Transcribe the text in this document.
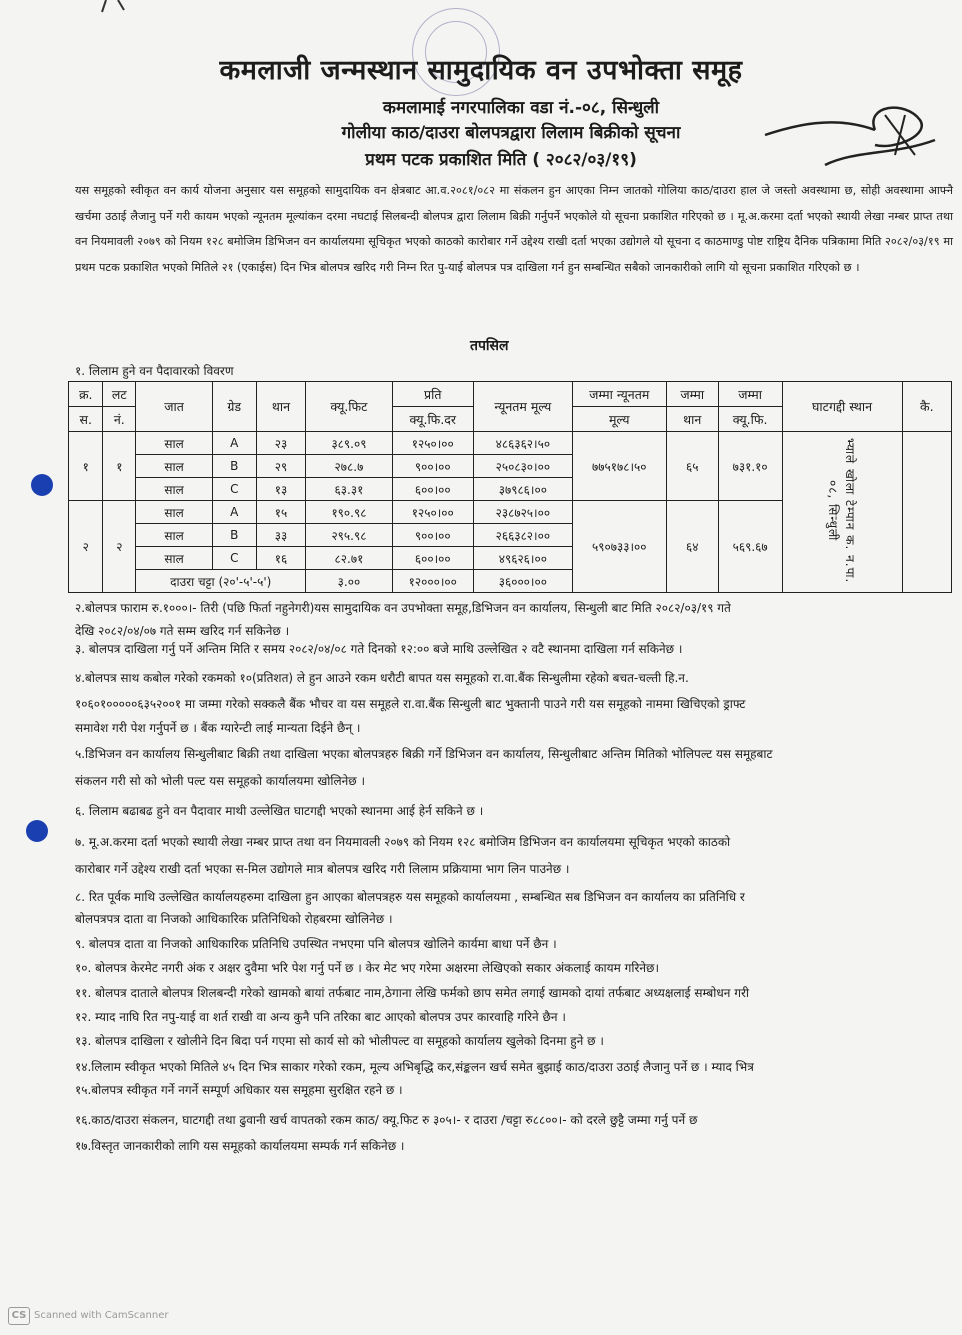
कमलाजी जन्मस्थान सामुदायिक वन उपभोक्ता समूह
कमलामाई नगरपालिका वडा नं.-०८, सिन्धुली
गोलीया काठ/दाउरा बोलपत्रद्वारा लिलाम बिक्रीको सूचना
प्रथम पटक प्रकाशित मिति ( २०८२/०३/१९)
यस समूहको स्वीकृत वन कार्य योजना अनुसार यस समूहको सामुदायिक वन क्षेत्रबाट आ.व.२०८१/०८२ मा संकलन हुन आएका निम्न जातको गोलिया काठ/दाउरा हाल जे जस्तो अवस्थामा छ, सोही अवस्थामा आफ्नै खर्चमा उठाई लैजानु पर्ने गरी कायम भएको न्यूनतम मूल्यांकन दरमा नघटाई सिलबन्दी बोलपत्र द्वारा लिलाम बिक्री गर्नुपर्ने भएकोले यो सूचना प्रकाशित गरिएको छ । मू.अ.करमा दर्ता भएको स्थायी लेखा नम्बर प्राप्त तथा वन नियमावली २०७९ को नियम १२८ बमोजिम डिभिजन वन कार्यालयमा सूचिकृत भएको काठको कारोबार गर्ने उद्देश्य राखी दर्ता भएका उद्योगले यो सूचना द काठमाण्डु पोष्ट राष्ट्रिय दैनिक पत्रिकामा मिति २०८२/०३/१९ मा प्रथम पटक प्रकाशित भएको मितिले २१ (एकाईस) दिन भित्र बोलपत्र खरिद गरी निम्न रित पु-याई बोलपत्र पत्र दाखिला गर्न हुन सम्बन्धित सबैको जानकारीको लागि यो सूचना प्रकाशित गरिएको छ ।
तपसिल
१. लिलाम हुने वन पैदावारको विवरण
क्र.	लट	जात	ग्रेड	थान	क्यू.फिट	प्रति	न्यूनतम मूल्य	जम्मा न्यूनतम	जम्मा	जम्मा	घाटगद्दी स्थान	कै.
स.	नं.					क्यू.फि.दर		मूल्य	थान	क्यू.फि.		
१	१	साल	A	२३	३८९.०९	१२५०।००	४८६३६२।५०	७७५१७८।५०	६५	७३१.१०	भ्याले खोला टेम्पान क. न.पा. ०८, सिन्धुली	
		साल	B	२९	२७८.७	९००।००	२५०८३०।००					
		साल	C	१३	६३.३१	६००।००	३७९८६।००					
२	२	साल	A	१५	१९०.९८	१२५०।००	२३८७२५।००	५९०७३३।००	६४	५६९.६७		
		साल	B	३३	२९५.९८	९००।००	२६६३८२।००					
		साल	C	१६	८२.७१	६००।००	४९६२६।००					
		दाउरा चट्टा (२०'-५'-५')			३.००	१२०००।००	३६०००।००					
२.बोलपत्र फाराम रु.१०००।- तिरी (पछि फिर्ता नहुनेगरी)यस सामुदायिक वन उपभोक्ता समूह,डिभिजन वन कार्यालय, सिन्धुली बाट मिति २०८२/०३/१९ गते
देखि २०८२/०४/०७ गते सम्म खरिद गर्न सकिनेछ ।
३. बोलपत्र दाखिला गर्नु पर्ने अन्तिम मिति र समय २०८२/०४/०८ गते दिनको १२:०० बजे माथि उल्लेखित २ वटै स्थानमा दाखिला गर्न सकिनेछ ।
४.बोलपत्र साथ कबोल गरेको रकमको १०(प्रतिशत) ले हुन आउने रकम धरौटी बापत यस समूहको रा.वा.बैंक सिन्धुलीमा रहेको बचत-चल्ती हि.न.
१०६०१०००००६३५२००१ मा जम्मा गरेको सक्कलै बैंक भौचर वा यस समूहले रा.वा.बैंक सिन्धुली बाट भुक्तानी पाउने गरी यस समूहको नाममा खिचिएको ड्राफ्ट
समावेश गरी पेश गर्नुपर्ने छ । बैंक ग्यारेन्टी लाई मान्यता दिईने छैन् ।
५.डिभिजन वन कार्यालय सिन्धुलीबाट बिक्री तथा दाखिला भएका बोलपत्रहरु बिक्री गर्ने डिभिजन वन कार्यालय, सिन्धुलीबाट अन्तिम मितिको भोलिपल्ट यस समूहबाट
संकलन गरी सो को भोली पल्ट यस समूहको कार्यालयमा खोलिनेछ ।
६. लिलाम बढाबढ हुने वन पैदावार माथी उल्लेखित घाटगद्दी भएको स्थानमा आई हेर्न सकिने छ ।
७. मू.अ.करमा दर्ता भएको स्थायी लेखा नम्बर प्राप्त तथा वन नियमावली २०७९ को नियम १२८ बमोजिम डिभिजन वन कार्यालयमा सूचिकृत भएको काठको
कारोबार गर्ने उद्देश्य राखी दर्ता भएका स-मिल उद्योगले मात्र बोलपत्र खरिद गरी लिलाम प्रक्रियामा भाग लिन पाउनेछ ।
८. रित पूर्वक माथि उल्लेखित कार्यालयहरुमा दाखिला हुन आएका बोलपत्रहरु यस समूहको कार्यालयमा , सम्बन्धित सब डिभिजन वन कार्यालय का प्रतिनिधि र
बोलपत्रपत्र दाता वा निजको आधिकारिक प्रतिनिधिको रोहबरमा खोलिनेछ ।
९. बोलपत्र दाता वा निजको आधिकारिक प्रतिनिधि उपस्थित नभएमा पनि बोलपत्र खोलिने कार्यमा बाधा पर्ने छैन ।
१०. बोलपत्र केरमेट नगरी अंक र अक्षर दुवैमा भरि पेश गर्नु पर्ने छ । केर मेट भए गरेमा अक्षरमा लेखिएको सकार अंकलाई कायम गरिनेछ।
११. बोलपत्र दाताले बोलपत्र शिलबन्दी गरेको खामको बायां तर्फबाट नाम,ठेगाना लेखि फर्मको छाप समेत लगाई खामको दायां तर्फबाट अध्यक्षलाई सम्बोधन गरी
१२. म्याद नाघि रित नपु-याई वा शर्त राखी वा अन्य कुनै पनि तरिका बाट आएको बोलपत्र उपर कारवाहि गरिने छैन ।
१३. बोलपत्र दाखिला र खोलीने दिन बिदा पर्न गएमा सो कार्य सो को भोलीपल्ट वा समूहको कार्यालय खुलेको दिनमा हुने छ ।
१४.लिलाम स्वीकृत भएको मितिले ४५ दिन भित्र साकार गरेको रकम, मूल्य अभिबृद्धि कर,संङ्कलन खर्च समेत बुझाई काठ/दाउरा उठाई लैजानु पर्ने छ । म्याद भित्र
१५.बोलपत्र स्वीकृत गर्ने नगर्ने सम्पूर्ण अधिकार यस समूहमा सुरक्षित रहने छ ।
१६.काठ/दाउरा संकलन, घाटगद्दी तथा ढुवानी खर्च वापतको रकम काठ/ क्यू.फिट रु ३०५।- र दाउरा /चट्टा रु८८००।- को दरले छुट्टै जम्मा गर्नु पर्ने छ
१७.विस्तृत जानकारीको लागि यस समूहको कार्यालयमा सम्पर्क गर्न सकिनेछ ।
CS Scanned with CamScanner
